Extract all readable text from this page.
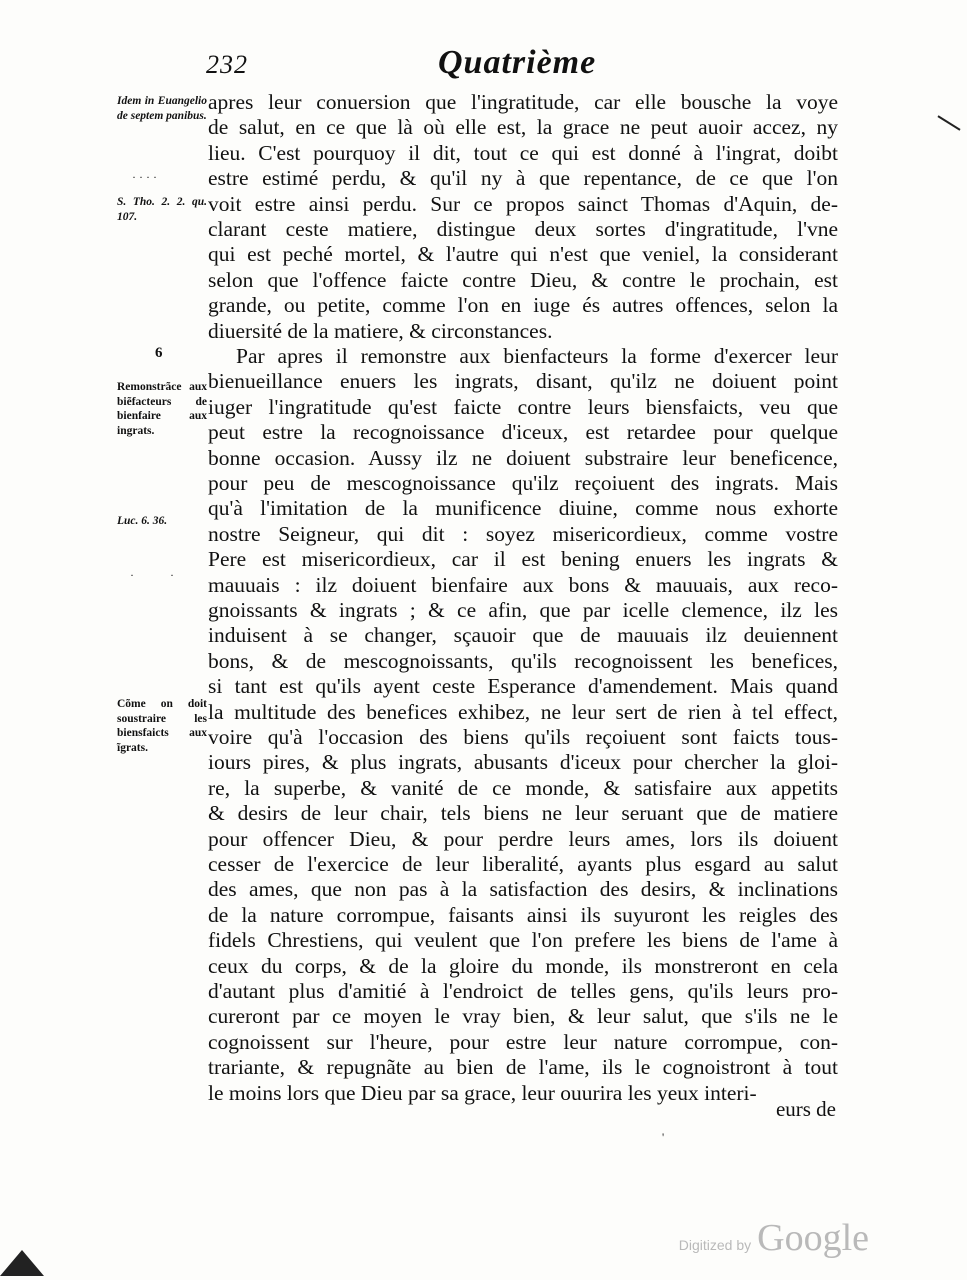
232	Quatrième
Idem in Euangelio de septem panibus.
· · · ·
S. Tho. 2. 2. qu. 107.
6
Remonstrãce aux biẽfacteurs de bienfaire aux ingrats.
Luc. 6. 36.
·            ·
Cõme on doit soustraire les biensfaicts aux ĩgrats.
apres leur conuersion que l'ingratitude, car elle bousche la voye
de salut, en ce que là où elle est, la grace ne peut auoir accez, ny
lieu. C'est pourquoy il dit, tout ce qui est donné à l'ingrat, doibt
estre estimé perdu, & qu'il ny à que repentance, de ce que l'on
voit estre ainsi perdu. Sur ce propos sainct Thomas d'Aquin, de-
clarant ceste matiere, distingue deux sortes d'ingratitude, l'vne
qui est peché mortel, & l'autre qui n'est que veniel, la considerant
selon que l'offence faicte contre Dieu, & contre le prochain, est
grande, ou petite, comme l'on en iuge és autres offences, selon la
diuersité de la matiere, & circonstances.
Par apres il remonstre aux bienfacteurs la forme d'exercer leur
bienueillance enuers les ingrats, disant, qu'ilz ne doiuent point
iuger l'ingratitude qu'est faicte contre leurs biensfaicts, veu que
peut estre la recognoissance d'iceux, est retardee pour quelque
bonne occasion. Aussy ilz ne doiuent substraire leur beneficence,
pour peu de mescognoissance qu'ilz reçoiuent des ingrats. Mais
qu'à l'imitation de la munificence diuine, comme nous exhorte
nostre Seigneur, qui dit : soyez misericordieux, comme vostre
Pere est misericordieux, car il est bening enuers les ingrats &
mauuais : ilz doiuent bienfaire aux bons & mauuais, aux reco-
gnoissants & ingrats ; & ce afin, que par icelle clemence, ilz les
induisent à se changer, sçauoir que de mauuais ilz deuiennent
bons, & de mescognoissants, qu'ils recognoissent les benefices,
si tant est qu'ils ayent ceste Esperance d'amendement. Mais quand
la multitude des benefices exhibez, ne leur sert de rien à tel effect,
voire qu'à l'occasion des biens qu'ils reçoiuent sont faicts tous-
iours pires, & plus ingrats, abusants d'iceux pour chercher la gloi-
re, la superbe, & vanité de ce monde, & satisfaire aux appetits
& desirs de leur chair, tels biens ne leur seruant que de matiere
pour offencer Dieu, & pour perdre leurs ames, lors ils doiuent
cesser de l'exercice de leur liberalité, ayants plus esgard au salut
des ames, que non pas à la satisfaction des desirs, & inclinations
de la nature corrompue, faisants ainsi ils suyuront les reigles des
fidels Chrestiens, qui veulent que l'on prefere les biens de l'ame à
ceux du corps, & de la gloire du monde, ils monstreront en cela
d'autant plus d'amitié à l'endroict de telles gens, qu'ils leurs pro-
cureront par ce moyen le vray bien, & leur salut, que s'ils ne le
cognoissent sur l'heure, pour estre leur nature corrompue, con-
trariante, & repugnãte au bien de l'ame, ils le cognoistront à tout
le moins lors que Dieu par sa grace, leur ouurira les yeux interi-
eurs de
'
Digitized by Google
